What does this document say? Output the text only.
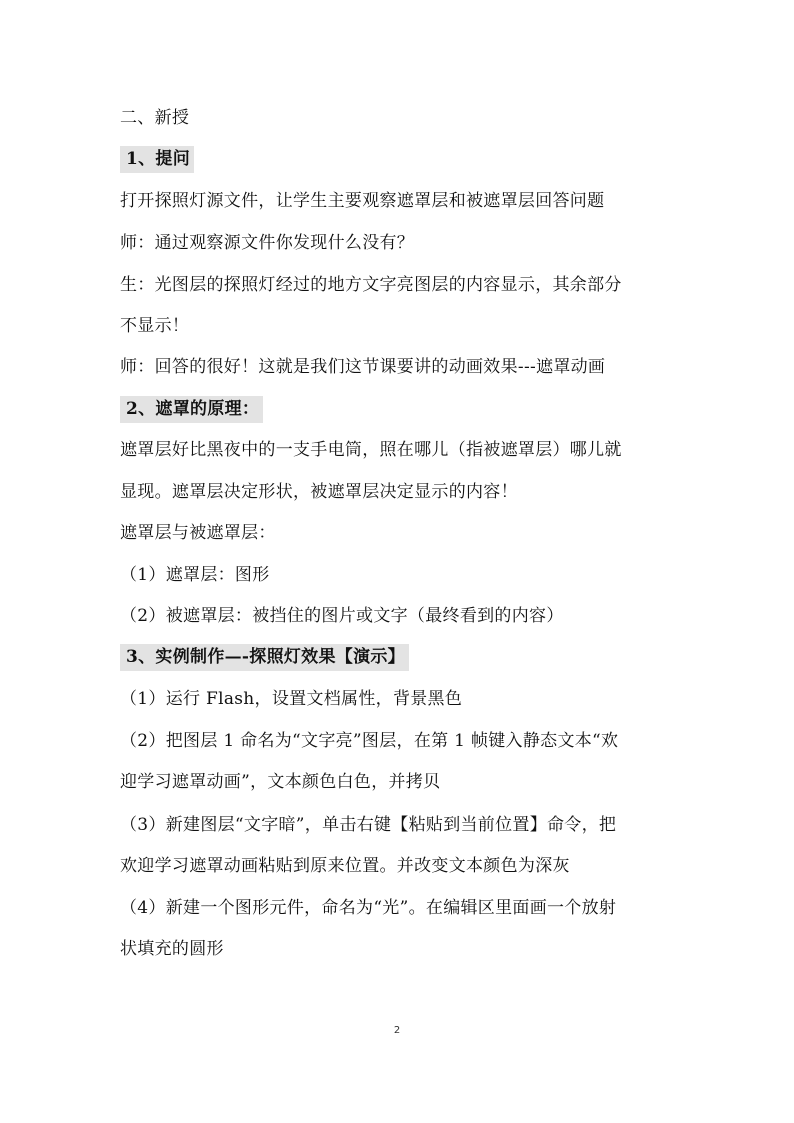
二、新授
1、提问
打开探照灯源文件，让学生主要观察遮罩层和被遮罩层回答问题
师：通过观察源文件你发现什么没有？
生：光图层的探照灯经过的地方文字亮图层的内容显示，其余部分
不显示！
师：回答的很好！这就是我们这节课要讲的动画效果---遮罩动画
2、遮罩的原理：
遮罩层好比黑夜中的一支手电筒，照在哪儿（指被遮罩层）哪儿就
显现。遮罩层决定形状，被遮罩层决定显示的内容！
遮罩层与被遮罩层：
（1）遮罩层：图形
（2）被遮罩层：被挡住的图片或文字（最终看到的内容）
3、实例制作—-探照灯效果【演示】
（1）运行 Flash，设置文档属性，背景黑色
（2）把图层 1 命名为“文字亮”图层，在第 1 帧键入静态文本“欢
迎学习遮罩动画”，文本颜色白色，并拷贝
（3）新建图层“文字暗”，单击右键【粘贴到当前位置】命令，把
欢迎学习遮罩动画粘贴到原来位置。并改变文本颜色为深灰
（4）新建一个图形元件，命名为“光”。在编辑区里面画一个放射
状填充的圆形
2
